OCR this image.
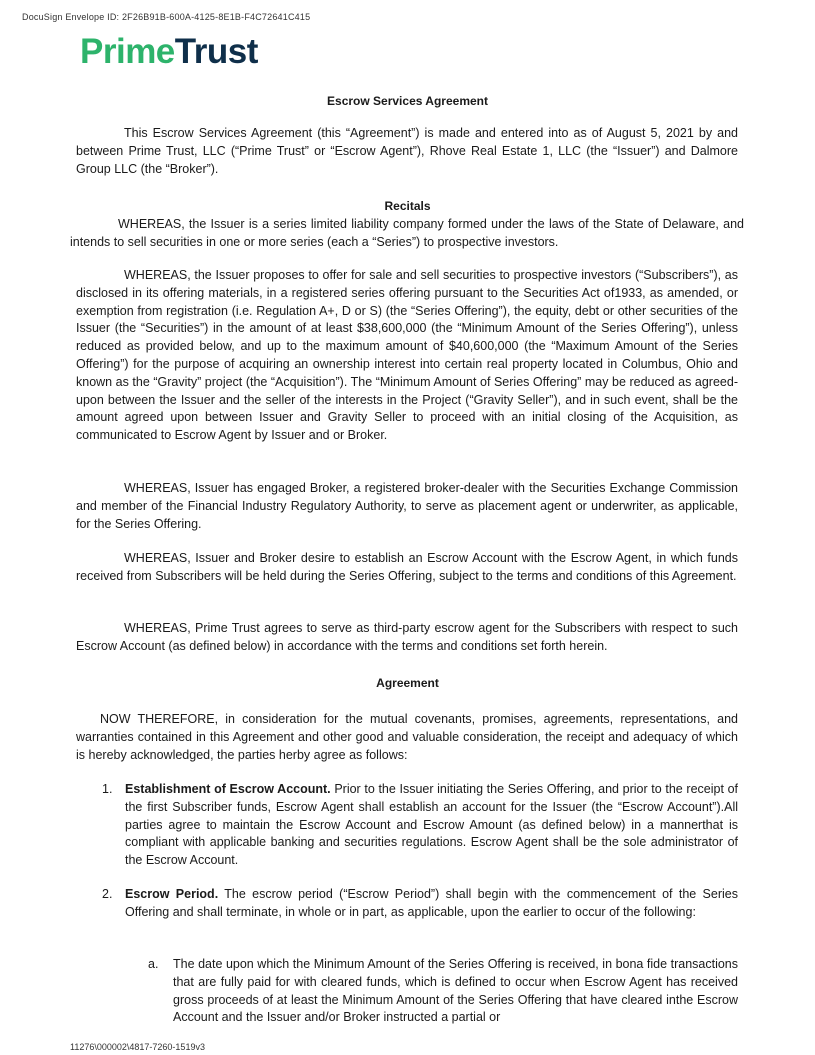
DocuSign Envelope ID: 2F26B91B-600A-4125-8E1B-F4C72641C415
PrimeTrust
Escrow Services Agreement
This Escrow Services Agreement (this “Agreement”) is made and entered into as of August 5, 2021 by and between Prime Trust, LLC (“Prime Trust” or “Escrow Agent”), Rhove Real Estate 1, LLC (the “Issuer”) and Dalmore Group LLC (the “Broker”).
Recitals
WHEREAS, the Issuer is a series limited liability company formed under the laws of the State of Delaware, and intends to sell securities in one or more series (each a “Series”) to prospective investors.
WHEREAS, the Issuer proposes to offer for sale and sell securities to prospective investors (“Subscribers”), as disclosed in its offering materials, in a registered series offering pursuant to the Securities Act of1933, as amended, or exemption from registration (i.e. Regulation A+, D or S) (the “Series Offering”), the equity, debt or other securities of the Issuer (the “Securities”) in the amount of at least $38,600,000 (the “Minimum Amount of the Series Offering”), unless reduced as provided below, and up to the maximum amount of $40,600,000 (the “Maximum Amount of the Series Offering”) for the purpose of acquiring an ownership interest into certain real property located in Columbus, Ohio and known as the “Gravity” project (the “Acquisition”). The “Minimum Amount of Series Offering” may be reduced as agreed-upon between the Issuer and the seller of the interests in the Project (“Gravity Seller”), and in such event, shall be the amount agreed upon between Issuer and Gravity Seller to proceed with an initial closing of the Acquisition, as communicated to Escrow Agent by Issuer and or Broker.
WHEREAS, Issuer has engaged Broker, a registered broker-dealer with the Securities Exchange Commission and member of the Financial Industry Regulatory Authority, to serve as placement agent or underwriter, as applicable, for the Series Offering.
WHEREAS, Issuer and Broker desire to establish an Escrow Account with the Escrow Agent, in which funds received from Subscribers will be held during the Series Offering, subject to the terms and conditions of this Agreement.
WHEREAS, Prime Trust agrees to serve as third-party escrow agent for the Subscribers with respect to such Escrow Account (as defined below) in accordance with the terms and conditions set forth herein.
Agreement
NOW THEREFORE, in consideration for the mutual covenants, promises, agreements, representations, and warranties contained in this Agreement and other good and valuable consideration, the receipt and adequacy of which is hereby acknowledged, the parties herby agree as follows:
1. Establishment of Escrow Account. Prior to the Issuer initiating the Series Offering, and prior to the receipt of the first Subscriber funds, Escrow Agent shall establish an account for the Issuer (the “Escrow Account”).All parties agree to maintain the Escrow Account and Escrow Amount (as defined below) in a mannerthat is compliant with applicable banking and securities regulations. Escrow Agent shall be the sole administrator of the Escrow Account.
2. Escrow Period. The escrow period (“Escrow Period”) shall begin with the commencement of the Series Offering and shall terminate, in whole or in part, as applicable, upon the earlier to occur of the following:
a. The date upon which the Minimum Amount of the Series Offering is received, in bona fide transactions that are fully paid for with cleared funds, which is defined to occur when Escrow Agent has received gross proceeds of at least the Minimum Amount of the Series Offering that have cleared inthe Escrow Account and the Issuer and/or Broker instructed a partial or
11276\000002\4817-7260-1519v3
